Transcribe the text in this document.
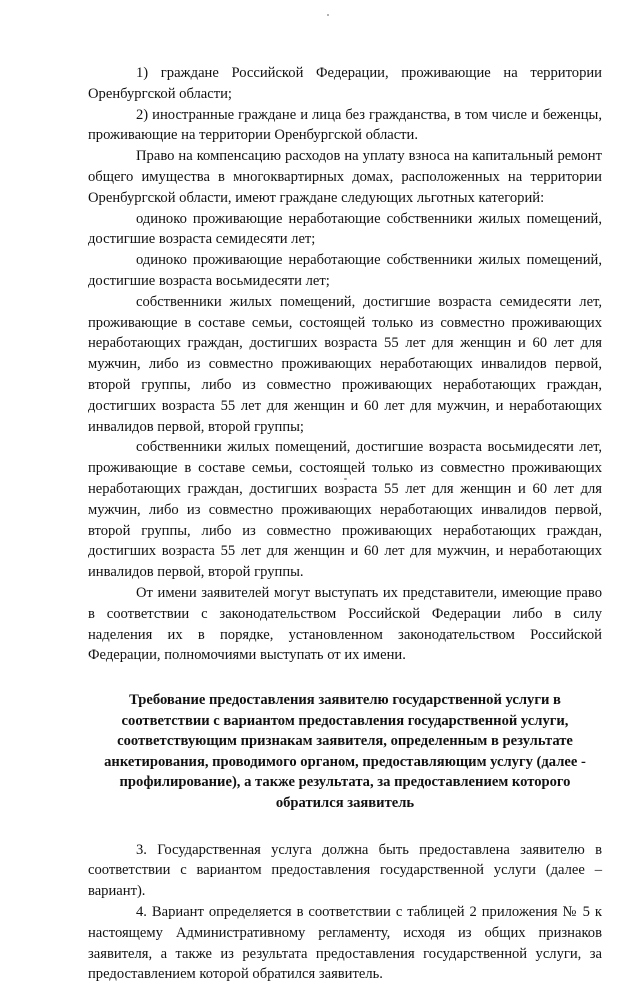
1) граждане Российской Федерации, проживающие на территории Оренбургской области;

2) иностранные граждане и лица без гражданства, в том числе и беженцы, проживающие на территории Оренбургской области.

Право на компенсацию расходов на уплату взноса на капитальный ремонт общего имущества в многоквартирных домах, расположенных на территории Оренбургской области, имеют граждане следующих льготных категорий:

одиноко проживающие неработающие собственники жилых помещений, достигшие возраста семидесяти лет;

одиноко проживающие неработающие собственники жилых помещений, достигшие возраста восьмидесяти лет;

собственники жилых помещений, достигшие возраста семидесяти лет, проживающие в составе семьи, состоящей только из совместно проживающих неработающих граждан, достигших возраста 55 лет для женщин и 60 лет для мужчин, либо из совместно проживающих неработающих инвалидов первой, второй группы, либо из совместно проживающих неработающих граждан, достигших возраста 55 лет для женщин и 60 лет для мужчин, и неработающих инвалидов первой, второй группы;

собственники жилых помещений, достигшие возраста восьмидесяти лет, проживающие в составе семьи, состоящей только из совместно проживающих неработающих граждан, достигших возраста 55 лет для женщин и 60 лет для мужчин, либо из совместно проживающих неработающих инвалидов первой, второй группы, либо из совместно проживающих неработающих граждан, достигших возраста 55 лет для женщин и 60 лет для мужчин, и неработающих инвалидов первой, второй группы.

От имени заявителей могут выступать их представители, имеющие право в соответствии с законодательством Российской Федерации либо в силу наделения их в порядке, установленном законодательством Российской Федерации, полномочиями выступать от их имени.

Требование предоставления заявителю государственной услуги в соответствии с вариантом предоставления государственной услуги, соответствующим признакам заявителя, определенным в результате анкетирования, проводимого органом, предоставляющим услугу (далее - профилирование), а также результата, за предоставлением которого обратился заявитель

3. Государственная услуга должна быть предоставлена заявителю в соответствии с вариантом предоставления государственной услуги (далее – вариант).

4. Вариант определяется в соответствии с таблицей 2 приложения № 5 к настоящему Административному регламенту, исходя из общих признаков заявителя, а также из результата предоставления государственной услуги, за предоставлением которой обратился заявитель.
